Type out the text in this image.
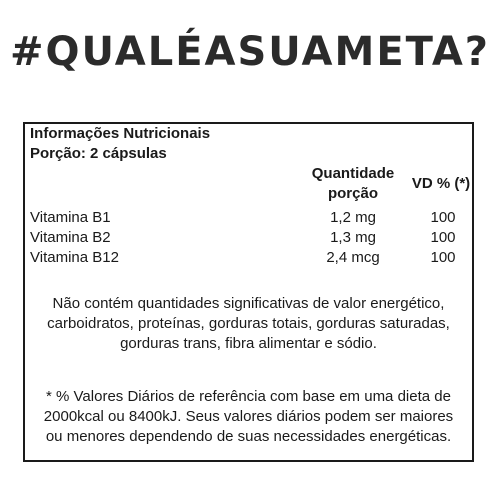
#QUALÉASUAMETA?
Informações Nutricionais
Porção: 2 cápsulas
Quantidade
porção
VD % (*)
Vitamina B1	1,2 mg	100
Vitamina B2	1,3 mg	100
Vitamina B12	2,4 mcg	100
Não contém quantidades significativas de valor energético,
carboidratos, proteínas, gorduras totais, gorduras saturadas,
gorduras trans, fibra alimentar e sódio.
* % Valores Diários de referência com base em uma dieta de
2000kcal ou 8400kJ. Seus valores diários podem ser maiores
ou menores dependendo de suas necessidades energéticas.
